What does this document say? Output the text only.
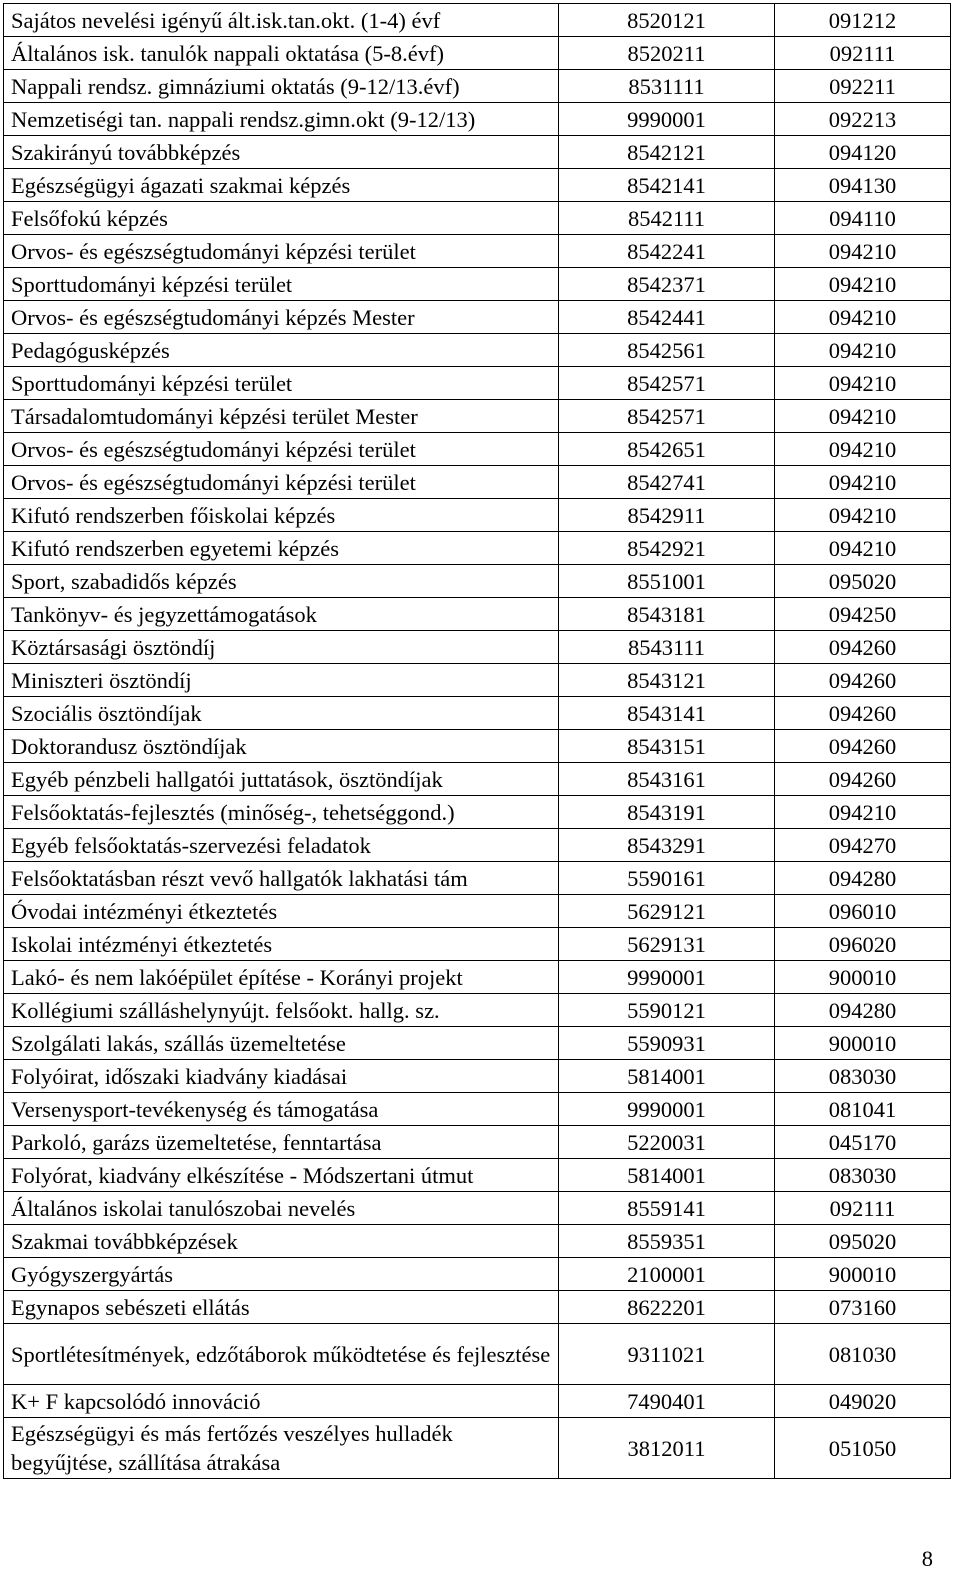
Sajátos nevelési igényű ált.isk.tan.okt. (1-4) évf	8520121	091212
Általános isk. tanulók nappali oktatása (5-8.évf)	8520211	092111
Nappali rendsz. gimnáziumi oktatás (9-12/13.évf)	8531111	092211
Nemzetiségi tan. nappali rendsz.gimn.okt (9-12/13)	9990001	092213
Szakirányú továbbképzés	8542121	094120
Egészségügyi ágazati szakmai képzés	8542141	094130
Felsőfokú képzés	8542111	094110
Orvos- és egészségtudományi képzési terület	8542241	094210
Sporttudományi képzési terület	8542371	094210
Orvos- és egészségtudományi képzés Mester	8542441	094210
Pedagógusképzés	8542561	094210
Sporttudományi képzési terület	8542571	094210
Társadalomtudományi képzési terület Mester	8542571	094210
Orvos- és egészségtudományi képzési terület	8542651	094210
Orvos- és egészségtudományi képzési terület	8542741	094210
Kifutó rendszerben főiskolai képzés	8542911	094210
Kifutó rendszerben egyetemi képzés	8542921	094210
Sport, szabadidős képzés	8551001	095020
Tankönyv- és jegyzettámogatások	8543181	094250
Köztársasági ösztöndíj	8543111	094260
Miniszteri ösztöndíj	8543121	094260
Szociális ösztöndíjak	8543141	094260
Doktorandusz ösztöndíjak	8543151	094260
Egyéb pénzbeli hallgatói juttatások, ösztöndíjak	8543161	094260
Felsőoktatás-fejlesztés (minőség-, tehetséggond.)	8543191	094210
Egyéb felsőoktatás-szervezési feladatok	8543291	094270
Felsőoktatásban részt vevő hallgatók lakhatási tám	5590161	094280
Óvodai intézményi étkeztetés	5629121	096010
Iskolai intézményi étkeztetés	5629131	096020
Lakó- és nem lakóépület építése - Korányi projekt	9990001	900010
Kollégiumi szálláshelynyújt. felsőokt. hallg. sz.	5590121	094280
Szolgálati lakás, szállás üzemeltetése	5590931	900010
Folyóirat, időszaki kiadvány kiadásai	5814001	083030
Versenysport-tevékenység és támogatása	9990001	081041
Parkoló, garázs üzemeltetése, fenntartása	5220031	045170
Folyórat, kiadvány elkészítése - Módszertani útmut	5814001	083030
Általános iskolai tanulószobai nevelés	8559141	092111
Szakmai továbbképzések	8559351	095020
Gyógyszergyártás	2100001	900010
Egynapos sebészeti ellátás	8622201	073160
Sportlétesítmények, edzőtáborok működtetése és fejlesztése	9311021	081030
K+ F kapcsolódó innováció	7490401	049020
Egészségügyi és más fertőzés veszélyes hulladék begyűjtése, szállítása átrakása	3812011	051050
8
